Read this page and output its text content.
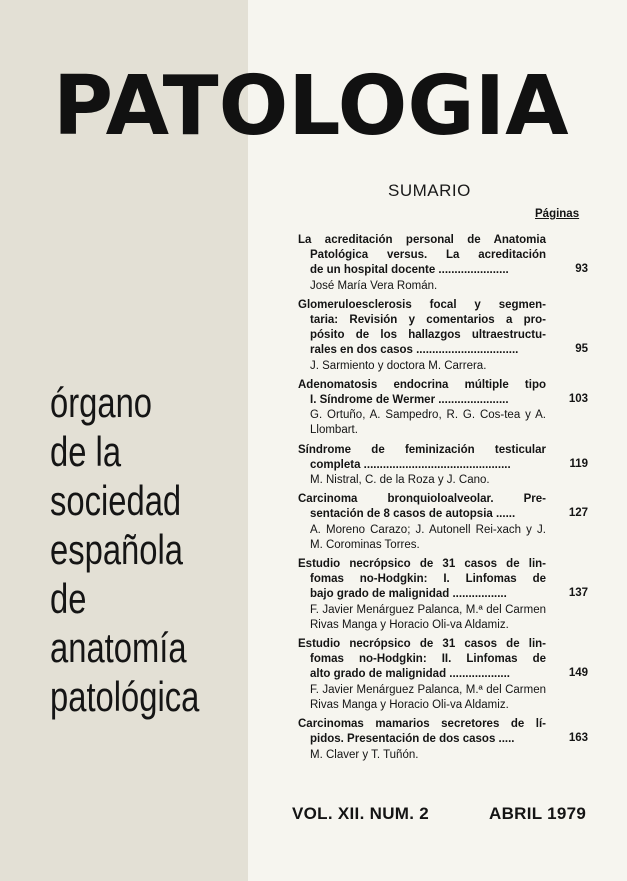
PATOLOGIA
órgano
de la
sociedad
española
de
anatomía
patológica
SUMARIO
Páginas
La acreditación personal de Anatomia
Patológica versus. La acreditación
de un hospital docente ......................	93
José María Vera Román.
Glomeruloesclerosis focal y segmen-
taria: Revisión y comentarios a pro-
pósito de los hallazgos ultraestructu-
rales en dos casos ................................	95
J. Sarmiento y doctora M. Carrera.
Adenomatosis endocrina múltiple tipo
I. Síndrome de Wermer ......................	103
G. Ortuño, A. Sampedro, R. G. Cos-tea y A. Llombart.
Síndrome de feminización testicular
completa ..............................................	119
M. Nistral, C. de la Roza y J. Cano.
Carcinoma bronquioloalveolar. Pre-
sentación de 8 casos de autopsia ......	127
A. Moreno Carazo; J. Autonell Rei-xach y J. M. Corominas Torres.
Estudio necrópsico de 31 casos de lin-
fomas no-Hodgkin: I. Linfomas de
bajo grado de malignidad .................	137
F. Javier Menárguez Palanca, M.ª del Carmen Rivas Manga y Horacio Oli-va Aldamiz.
Estudio necrópsico de 31 casos de lin-
fomas no-Hodgkin: II. Linfomas de
alto grado de malignidad ...................	149
F. Javier Menárguez Palanca, M.ª del Carmen Rivas Manga y Horacio Oli-va Aldamiz.
Carcinomas mamarios secretores de lí-
pidos. Presentación de dos casos .....	163
M. Claver y T. Tuñón.
VOL. XII. NUM. 2	ABRIL 1979
